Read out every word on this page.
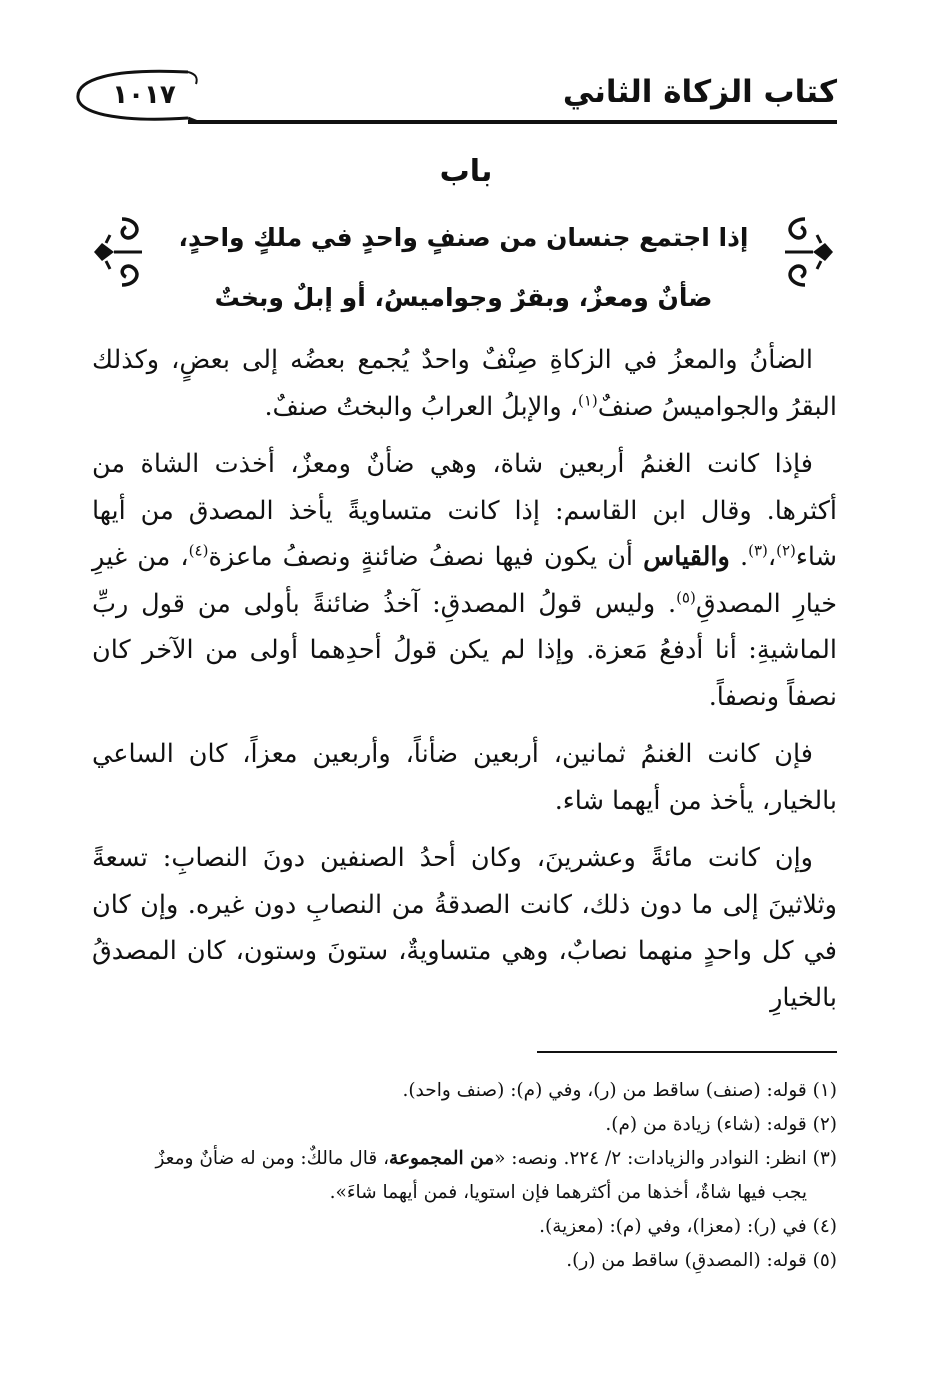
كتاب الزكاة الثاني
١٠١٧
باب
إذا اجتمع جنسان من صنفٍ واحدٍ في ملكٍ واحدٍ،
ضأنٌ ومعزٌ، وبقرٌ وجواميسُ، أو إبلٌ وبختٌ

الضأنُ والمعزُ في الزكاةِ صِنْفٌ واحدٌ يُجمع بعضُه إلى بعضٍ، وكذلك البقرُ والجواميسُ صنفٌ$^{(١)}$، والإبلُ العرابُ والبختُ صنفٌ.

فإذا كانت الغنمُ أربعين شاة، وهي ضأنٌ ومعزٌ، أخذت الشاة من أكثرها. وقال ابن القاسم: إذا كانت متساويةً يأخذ المصدق من أيها شاء$^{(٢)}$،$^{(٣)}$. والقياس أن يكون فيها نصفُ ضائنةٍ ونصفُ ماعزة$^{(٤)}$، من غيرِ خيارِ المصدقِ$^{(٥)}$. وليس قولُ المصدقِ: آخذُ ضائنةً بأولى من قول ربِّ الماشيةِ: أنا أدفعُ مَعزة. وإذا لم يكن قولُ أحدِهما أولى من الآخر كان نصفاً ونصفاً.

فإن كانت الغنمُ ثمانين، أربعين ضأناً، وأربعين معزاً، كان الساعي بالخيار، يأخذ من أيهما شاء.

وإن كانت مائةً وعشرينَ، وكان أحدُ الصنفين دونَ النصابِ: تسعةً وثلاثينَ إلى ما دون ذلك، كانت الصدقةُ من النصابِ دون غيره. وإن كان في كل واحدٍ منهما نصابٌ، وهي متساويةٌ، ستونَ وستون، كان المصدقُ بالخيارِ

(١) قوله: (صنف) ساقط من (ر)، وفي (م): (صنف واحد).
(٢) قوله: (شاء) زيادة من (م).
(٣) انظر: النوادر والزيادات: ٢/ ٢٢٤. ونصه: «من المجموعة، قال مالكٌ: ومن له ضأنٌ ومعزٌ
يجب فيها شاةٌ، أخذها من أكثرهما فإن استويا، فمن أيهما شاءَ».
(٤) في (ر): (معزا)، وفي (م): (معزية).
(٥) قوله: (المصدقِ) ساقط من (ر).
